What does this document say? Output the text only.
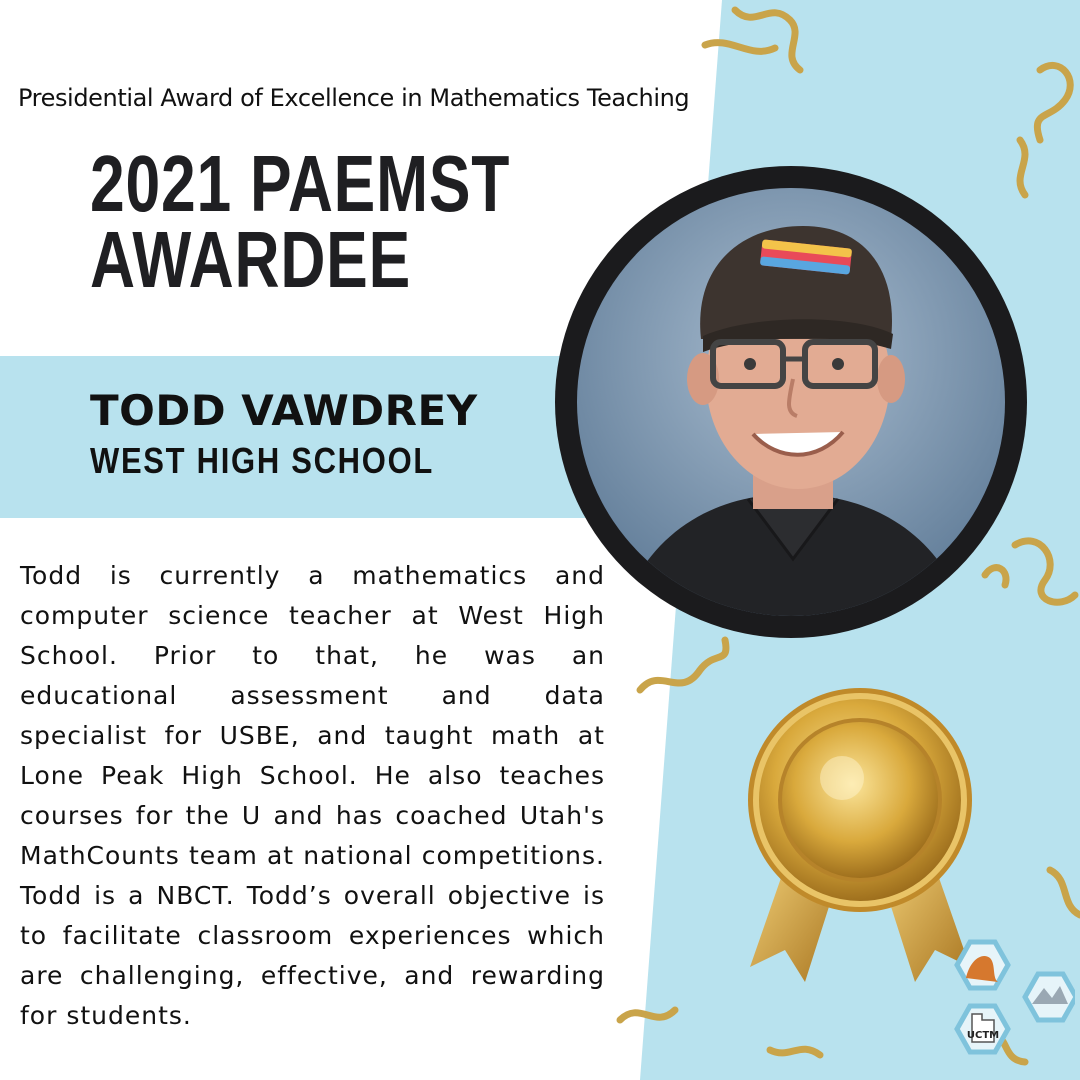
Presidential Award of Excellence in Mathematics Teaching
2021 PAEMST
AWARDEE
TODD VAWDREY
WEST HIGH SCHOOL
UCTM
Todd is currently a mathematics and computer science teacher at West High School. Prior to that, he was an educational assessment and data specialist for USBE, and taught math at Lone Peak High School. He also teaches courses for the U and has coached Utah's MathCounts team at national competitions. Todd is a NBCT. Todd’s overall objective is to facilitate classroom experiences which are challenging, effective, and rewarding for students.
